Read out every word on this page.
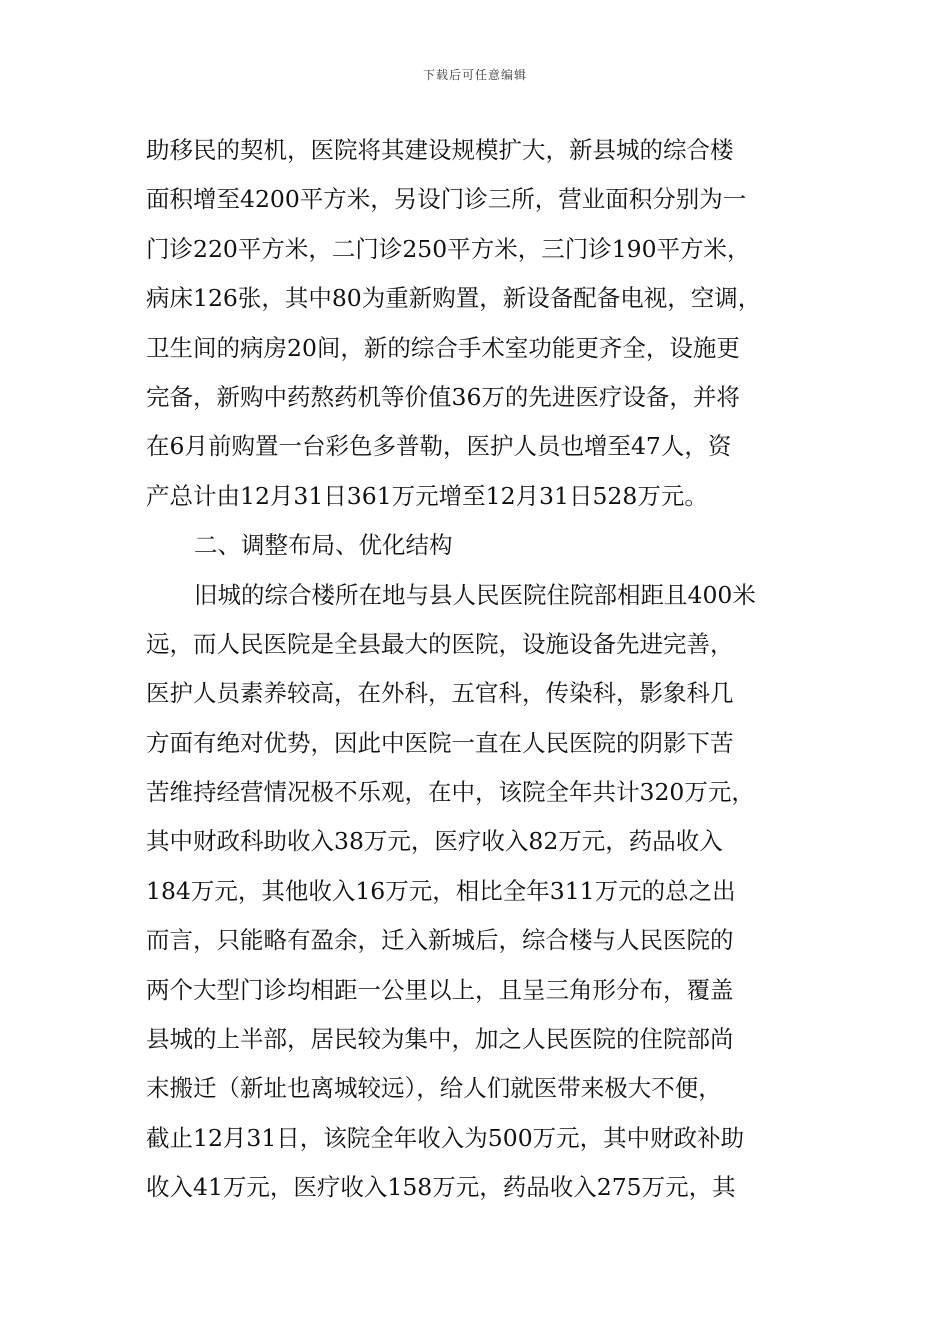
下载后可任意编辑
助移民的契机，医院将其建设规模扩大，新县城的综合楼
面积增至4200平方米，另设门诊三所，营业面积分别为一
门诊220平方米，二门诊250平方米，三门诊190平方米，
病床126张，其中80为重新购置，新设备配备电视，空调，
卫生间的病房20间，新的综合手术室功能更齐全，设施更
完备，新购中药熬药机等价值36万的先进医疗设备，并将
在6月前购置一台彩色多普勒，医护人员也增至47人，资
产总计由12月31日361万元增至12月31日528万元。
二、调整布局、优化结构
旧城的综合楼所在地与县人民医院住院部相距且400米
远，而人民医院是全县最大的医院，设施设备先进完善，
医护人员素养较高，在外科，五官科，传染科，影象科几
方面有绝对优势，因此中医院一直在人民医院的阴影下苦
苦维持经营情况极不乐观，在中，该院全年共计320万元，
其中财政科助收入38万元，医疗收入82万元，药品收入
184万元，其他收入16万元，相比全年311万元的总之出
而言，只能略有盈余，迁入新城后，综合楼与人民医院的
两个大型门诊均相距一公里以上，且呈三角形分布，覆盖
县城的上半部，居民较为集中，加之人民医院的住院部尚
末搬迁（新址也离城较远），给人们就医带来极大不便，
截止12月31日，该院全年收入为500万元，其中财政补助
收入41万元，医疗收入158万元，药品收入275万元，其
